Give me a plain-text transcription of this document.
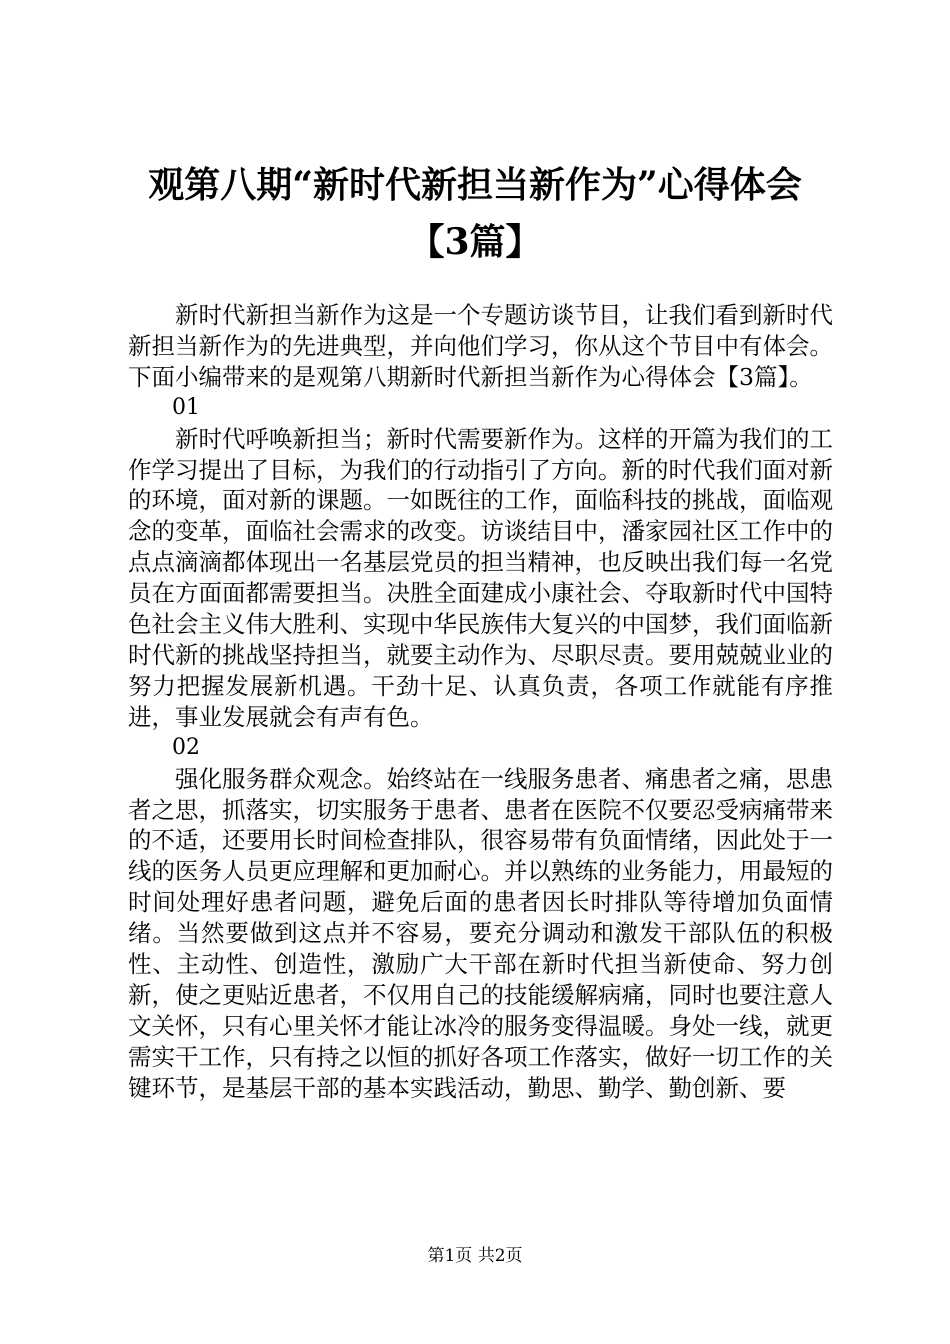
观第八期“新时代新担当新作为”心得体会
【3篇】

新时代新担当新作为这是一个专题访谈节目，让我们看到新时代新担当新作为的先进典型，并向他们学习，你从这个节目中有体会。下面小编带来的是观第八期新时代新担当新作为心得体会【3篇】。

01

新时代呼唤新担当；新时代需要新作为。这样的开篇为我们的工作学习提出了目标，为我们的行动指引了方向。新的时代我们面对新的环境，面对新的课题。一如既往的工作，面临科技的挑战，面临观念的变革，面临社会需求的改变。访谈结目中，潘家园社区工作中的点点滴滴都体现出一名基层党员的担当精神，也反映出我们每一名党员在方面面都需要担当。决胜全面建成小康社会、夺取新时代中国特色社会主义伟大胜利、实现中华民族伟大复兴的中国梦，我们面临新时代新的挑战坚持担当，就要主动作为、尽职尽责。要用兢兢业业的努力把握发展新机遇。干劲十足、认真负责，各项工作就能有序推进，事业发展就会有声有色。

02

强化服务群众观念。始终站在一线服务患者、痛患者之痛，思患者之思，抓落实，切实服务于患者、患者在医院不仅要忍受病痛带来的不适，还要用长时间检查排队，很容易带有负面情绪，因此处于一线的医务人员更应理解和更加耐心。并以熟练的业务能力，用最短的时间处理好患者问题，避免后面的患者因长时排队等待增加负面情绪。当然要做到这点并不容易，要充分调动和激发干部队伍的积极性、主动性、创造性，激励广大干部在新时代担当新使命、努力创新，使之更贴近患者，不仅用自己的技能缓解病痛，同时也要注意人文关怀，只有心里关怀才能让冰冷的服务变得温暖。身处一线，就更需实干工作，只有持之以恒的抓好各项工作落实，做好一切工作的关键环节，是基层干部的基本实践活动，勤思、勤学、勤创新、要

第1页 共2页
